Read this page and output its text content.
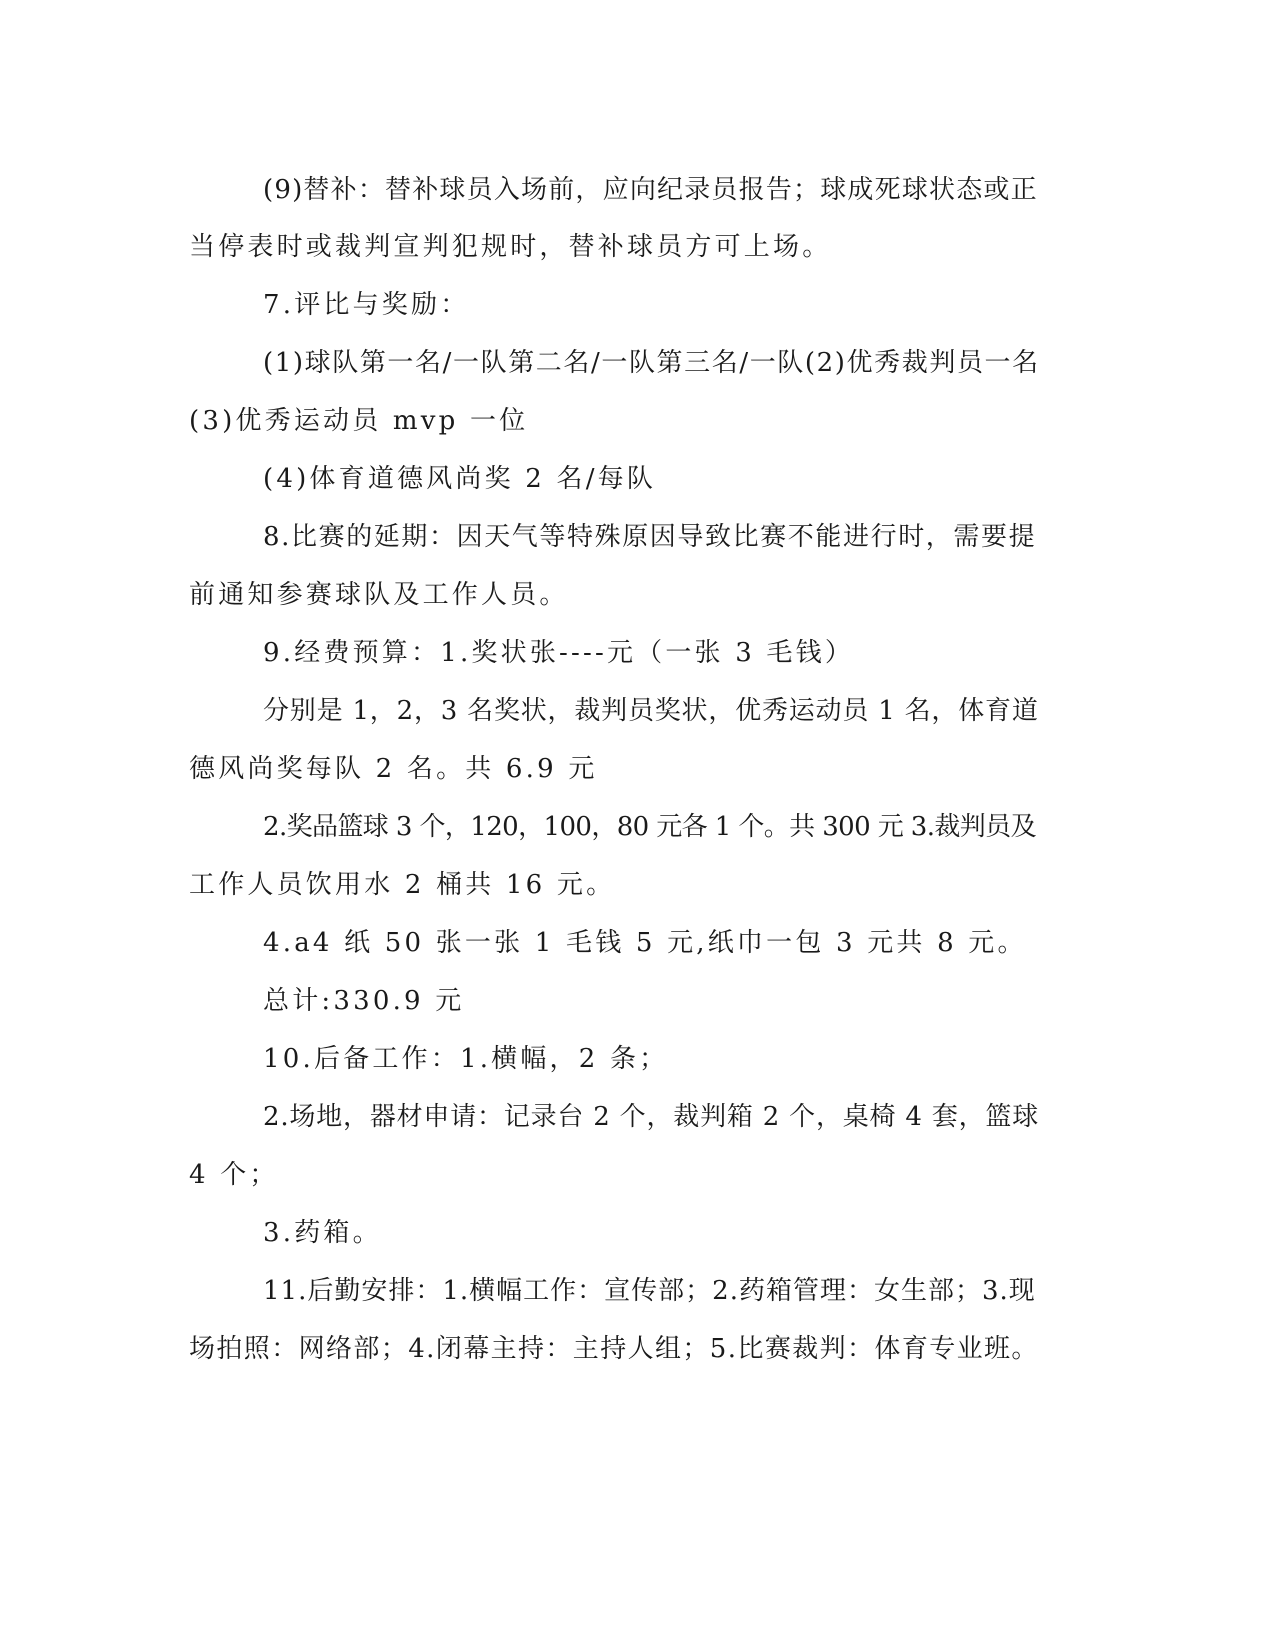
(9)替补：替补球员入场前，应向纪录员报告；球成死球状态或正
当停表时或裁判宣判犯规时，替补球员方可上场。
7.评比与奖励：
(1)球队第一名/一队第二名/一队第三名/一队(2)优秀裁判员一名
(3)优秀运动员 mvp 一位
(4)体育道德风尚奖 2 名/每队
8.比赛的延期：因天气等特殊原因导致比赛不能进行时，需要提
前通知参赛球队及工作人员。
9.经费预算：1.奖状张----元（一张 3 毛钱）
分别是 1，2，3 名奖状，裁判员奖状，优秀运动员 1 名，体育道
德风尚奖每队 2 名。共 6.9 元
2.奖品篮球 3 个，120，100，80 元各 1 个。共 300 元 3.裁判员及
工作人员饮用水 2 桶共 16 元。
4.a4 纸 50 张一张 1 毛钱 5 元,纸巾一包 3 元共 8 元。
总计:330.9 元
10.后备工作：1.横幅，2 条；
2.场地，器材申请：记录台 2 个，裁判箱 2 个，桌椅 4 套，篮球
4 个；
3.药箱。
11.后勤安排：1.横幅工作：宣传部；2.药箱管理：女生部；3.现
场拍照：网络部；4.闭幕主持：主持人组；5.比赛裁判：体育专业班。
